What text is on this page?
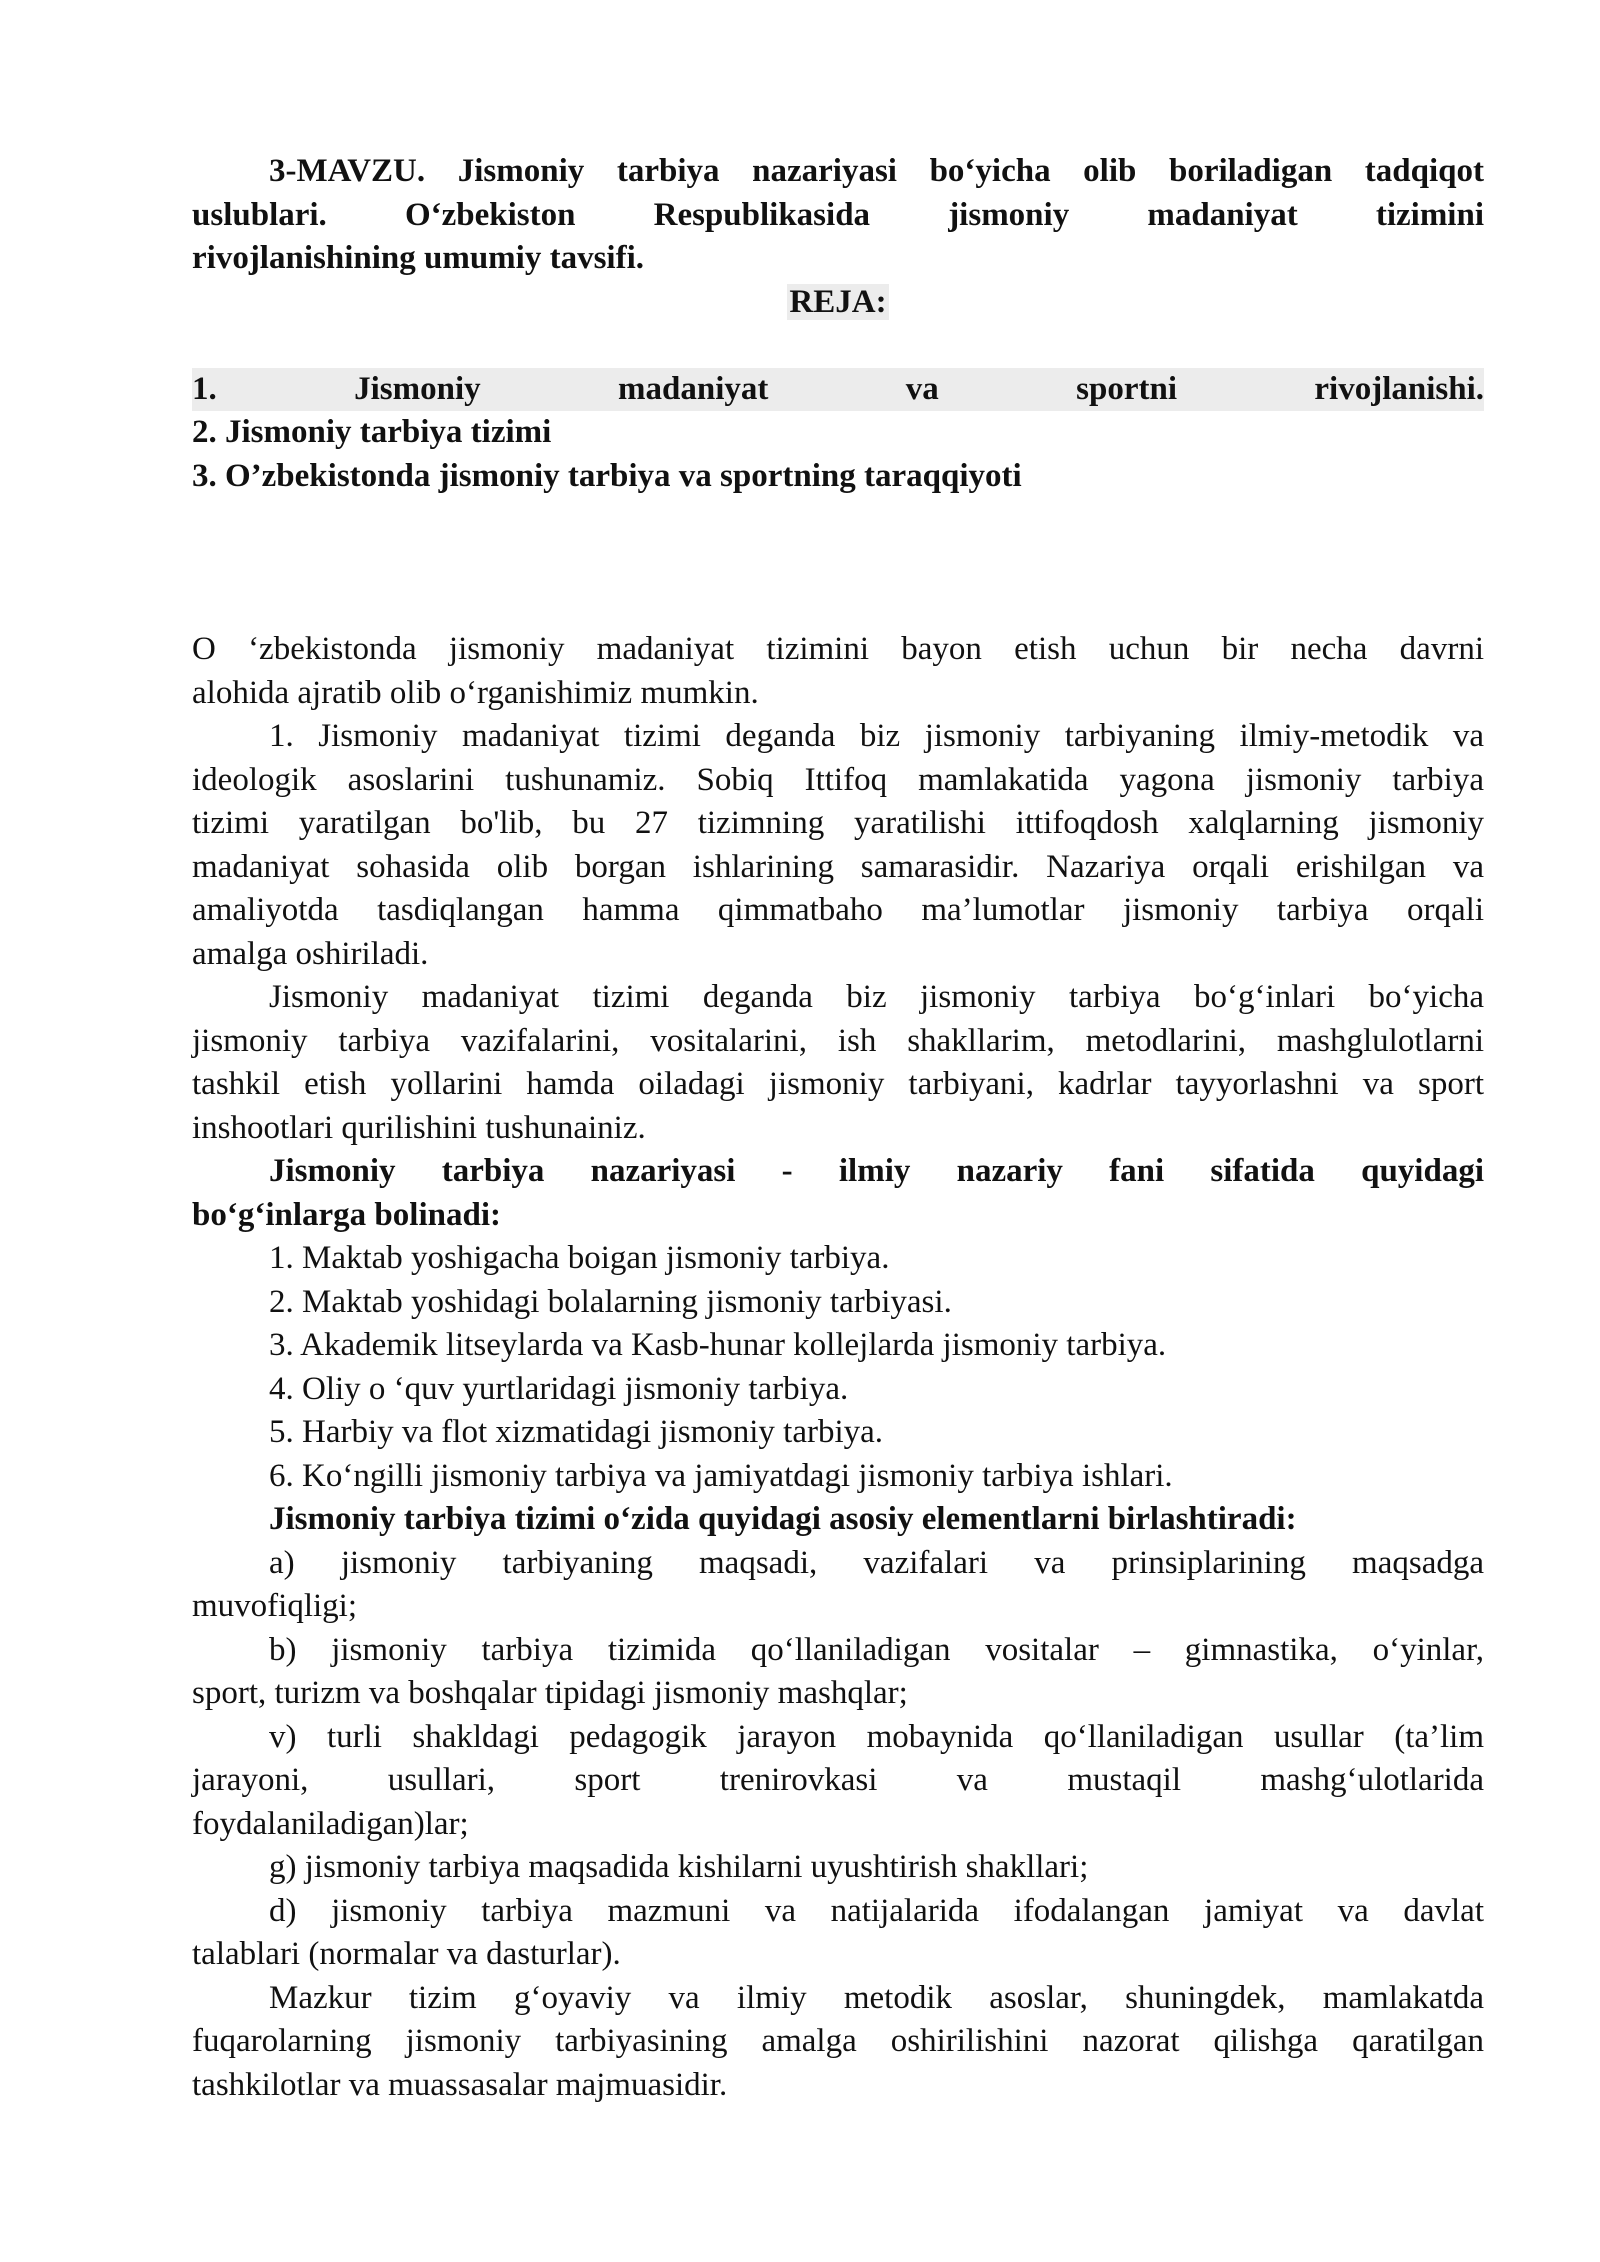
3-MAVZU. Jismoniy tarbiya nazariyasi bo‘yicha olib boriladigan tadqiqot
uslublari. O‘zbekiston Respublikasida jismoniy madaniyat tizimini
rivojlanishining umumiy tavsifi.
REJA:
1. Jismoniy madaniyat va sportni rivojlanishi.
2. Jismoniy tarbiya tizimi
3. O’zbekistonda jismoniy tarbiya va sportning taraqqiyoti
O ‘zbekistonda jismoniy madaniyat tizimini bayon etish uchun bir necha davrni
alohida ajratib olib o‘rganishimiz mumkin.
1. Jismoniy madaniyat tizimi deganda biz jismoniy tarbiyaning ilmiy-metodik va
ideologik asoslarini tushunamiz. Sobiq Ittifoq mamlakatida yagona jismoniy tarbiya
tizimi yaratilgan bo'lib, bu 27 tizimning yaratilishi ittifoqdosh xalqlarning jismoniy
madaniyat sohasida olib borgan ishlarining samarasidir. Nazariya orqali erishilgan va
amaliyotda tasdiqlangan hamma qimmatbaho ma’lumotlar jismoniy tarbiya orqali
amalga oshiriladi.
Jismoniy madaniyat tizimi deganda biz jismoniy tarbiya bo‘g‘inlari bo‘yicha
jismoniy tarbiya vazifalarini, vositalarini, ish shakllarim, metodlarini, mashglulotlarni
tashkil etish yollarini hamda oiladagi jismoniy tarbiyani, kadrlar tayyorlashni va sport
inshootlari qurilishini tushunainiz.
Jismoniy tarbiya nazariyasi - ilmiy nazariy fani sifatida quyidagi
bo‘g‘inlarga bolinadi:
1. Maktab yoshigacha boigan jismoniy tarbiya.
2. Maktab yoshidagi bolalarning jismoniy tarbiyasi.
3. Akademik litseylarda va Kasb-hunar kollejlarda jismoniy tarbiya.
4. Oliy o ‘quv yurtlaridagi jismoniy tarbiya.
5. Harbiy va flot xizmatidagi jismoniy tarbiya.
6. Ko‘ngilli jismoniy tarbiya va jamiyatdagi jismoniy tarbiya ishlari.
Jismoniy tarbiya tizimi o‘zida quyidagi asosiy elementlarni birlashtiradi:
a) jismoniy tarbiyaning maqsadi, vazifalari va prinsiplarining maqsadga
muvofiqligi;
b) jismoniy tarbiya tizimida qo‘llaniladigan vositalar – gimnastika, o‘yinlar,
sport, turizm va boshqalar tipidagi jismoniy mashqlar;
v) turli shakldagi pedagogik jarayon mobaynida qo‘llaniladigan usullar (ta’lim
jarayoni, usullari, sport trenirovkasi va mustaqil mashg‘ulotlarida
foydalaniladigan)lar;
g) jismoniy tarbiya maqsadida kishilarni uyushtirish shakllari;
d) jismoniy tarbiya mazmuni va natijalarida ifodalangan jamiyat va davlat
talablari (normalar va dasturlar).
Mazkur tizim g‘oyaviy va ilmiy metodik asoslar, shuningdek, mamlakatda
fuqarolarning jismoniy tarbiyasining amalga oshirilishini nazorat qilishga qaratilgan
tashkilotlar va muassasalar majmuasidir.
